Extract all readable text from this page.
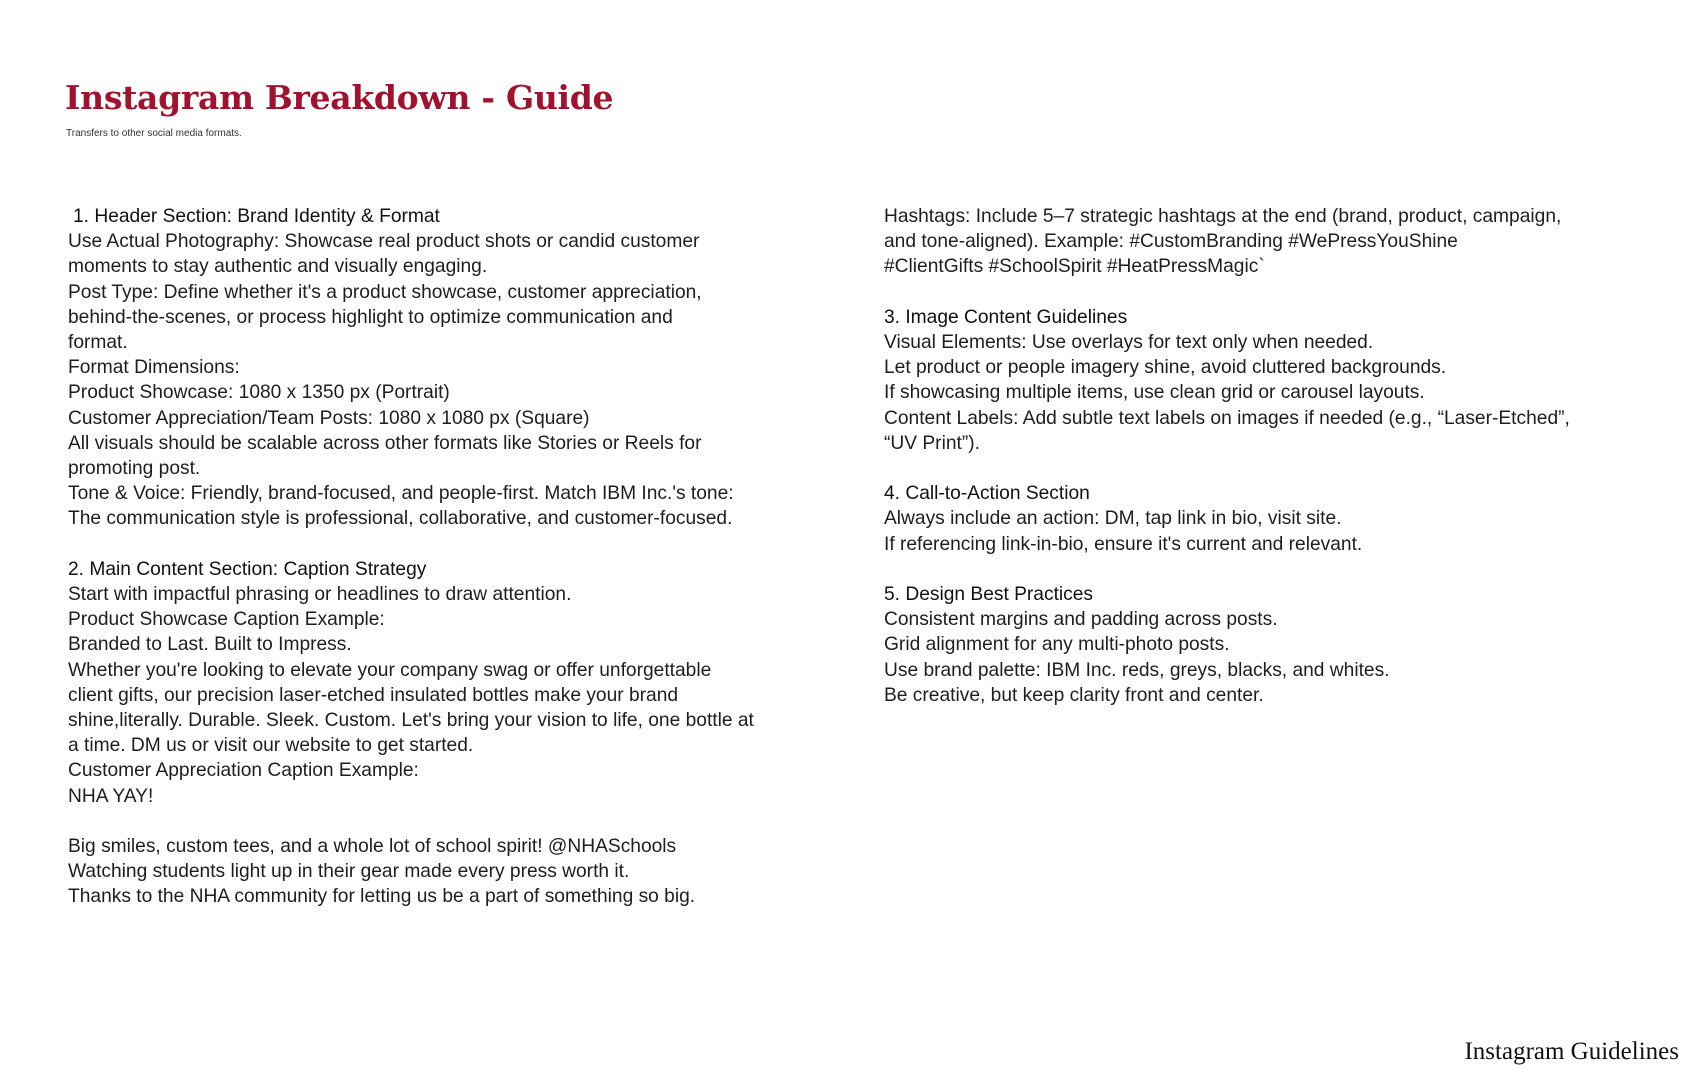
Instagram Breakdown - Guide
Transfers to other social media formats.
1. Header Section: Brand Identity & Format
Use Actual Photography: Showcase real product shots or candid customer
moments to stay authentic and visually engaging.
Post Type: Define whether it's a product showcase, customer appreciation,
behind-the-scenes, or process highlight to optimize communication and
format.
Format Dimensions:
Product Showcase: 1080 x 1350 px (Portrait)
Customer Appreciation/Team Posts: 1080 x 1080 px (Square)
All visuals should be scalable across other formats like Stories or Reels for
promoting post.
Tone & Voice: Friendly, brand-focused, and people-first. Match IBM Inc.'s tone:
The communication style is professional, collaborative, and customer-focused.
2. Main Content Section: Caption Strategy
Start with impactful phrasing or headlines to draw attention.
Product Showcase Caption Example:
Branded to Last. Built to Impress.
Whether you're looking to elevate your company swag or offer unforgettable
client gifts, our precision laser-etched insulated bottles make your brand
shine,literally. Durable. Sleek. Custom. Let's bring your vision to life, one bottle at
a time. DM us or visit our website to get started.
Customer Appreciation Caption Example:
NHA YAY!
Big smiles, custom tees, and a whole lot of school spirit! @NHASchools
Watching students light up in their gear made every press worth it.
Thanks to the NHA community for letting us be a part of something so big.
Hashtags: Include 5–7 strategic hashtags at the end (brand, product, campaign,
and tone-aligned). Example: #CustomBranding #WePressYouShine
#ClientGifts #SchoolSpirit #HeatPressMagic`
3. Image Content Guidelines
Visual Elements: Use overlays for text only when needed.
Let product or people imagery shine, avoid cluttered backgrounds.
If showcasing multiple items, use clean grid or carousel layouts.
Content Labels: Add subtle text labels on images if needed (e.g., “Laser-Etched”,
“UV Print”).
4. Call-to-Action Section
Always include an action: DM, tap link in bio, visit site.
If referencing link-in-bio, ensure it's current and relevant.
5. Design Best Practices
Consistent margins and padding across posts.
Grid alignment for any multi-photo posts.
Use brand palette: IBM Inc. reds, greys, blacks, and whites.
Be creative, but keep clarity front and center.
Instagram Guidelines
